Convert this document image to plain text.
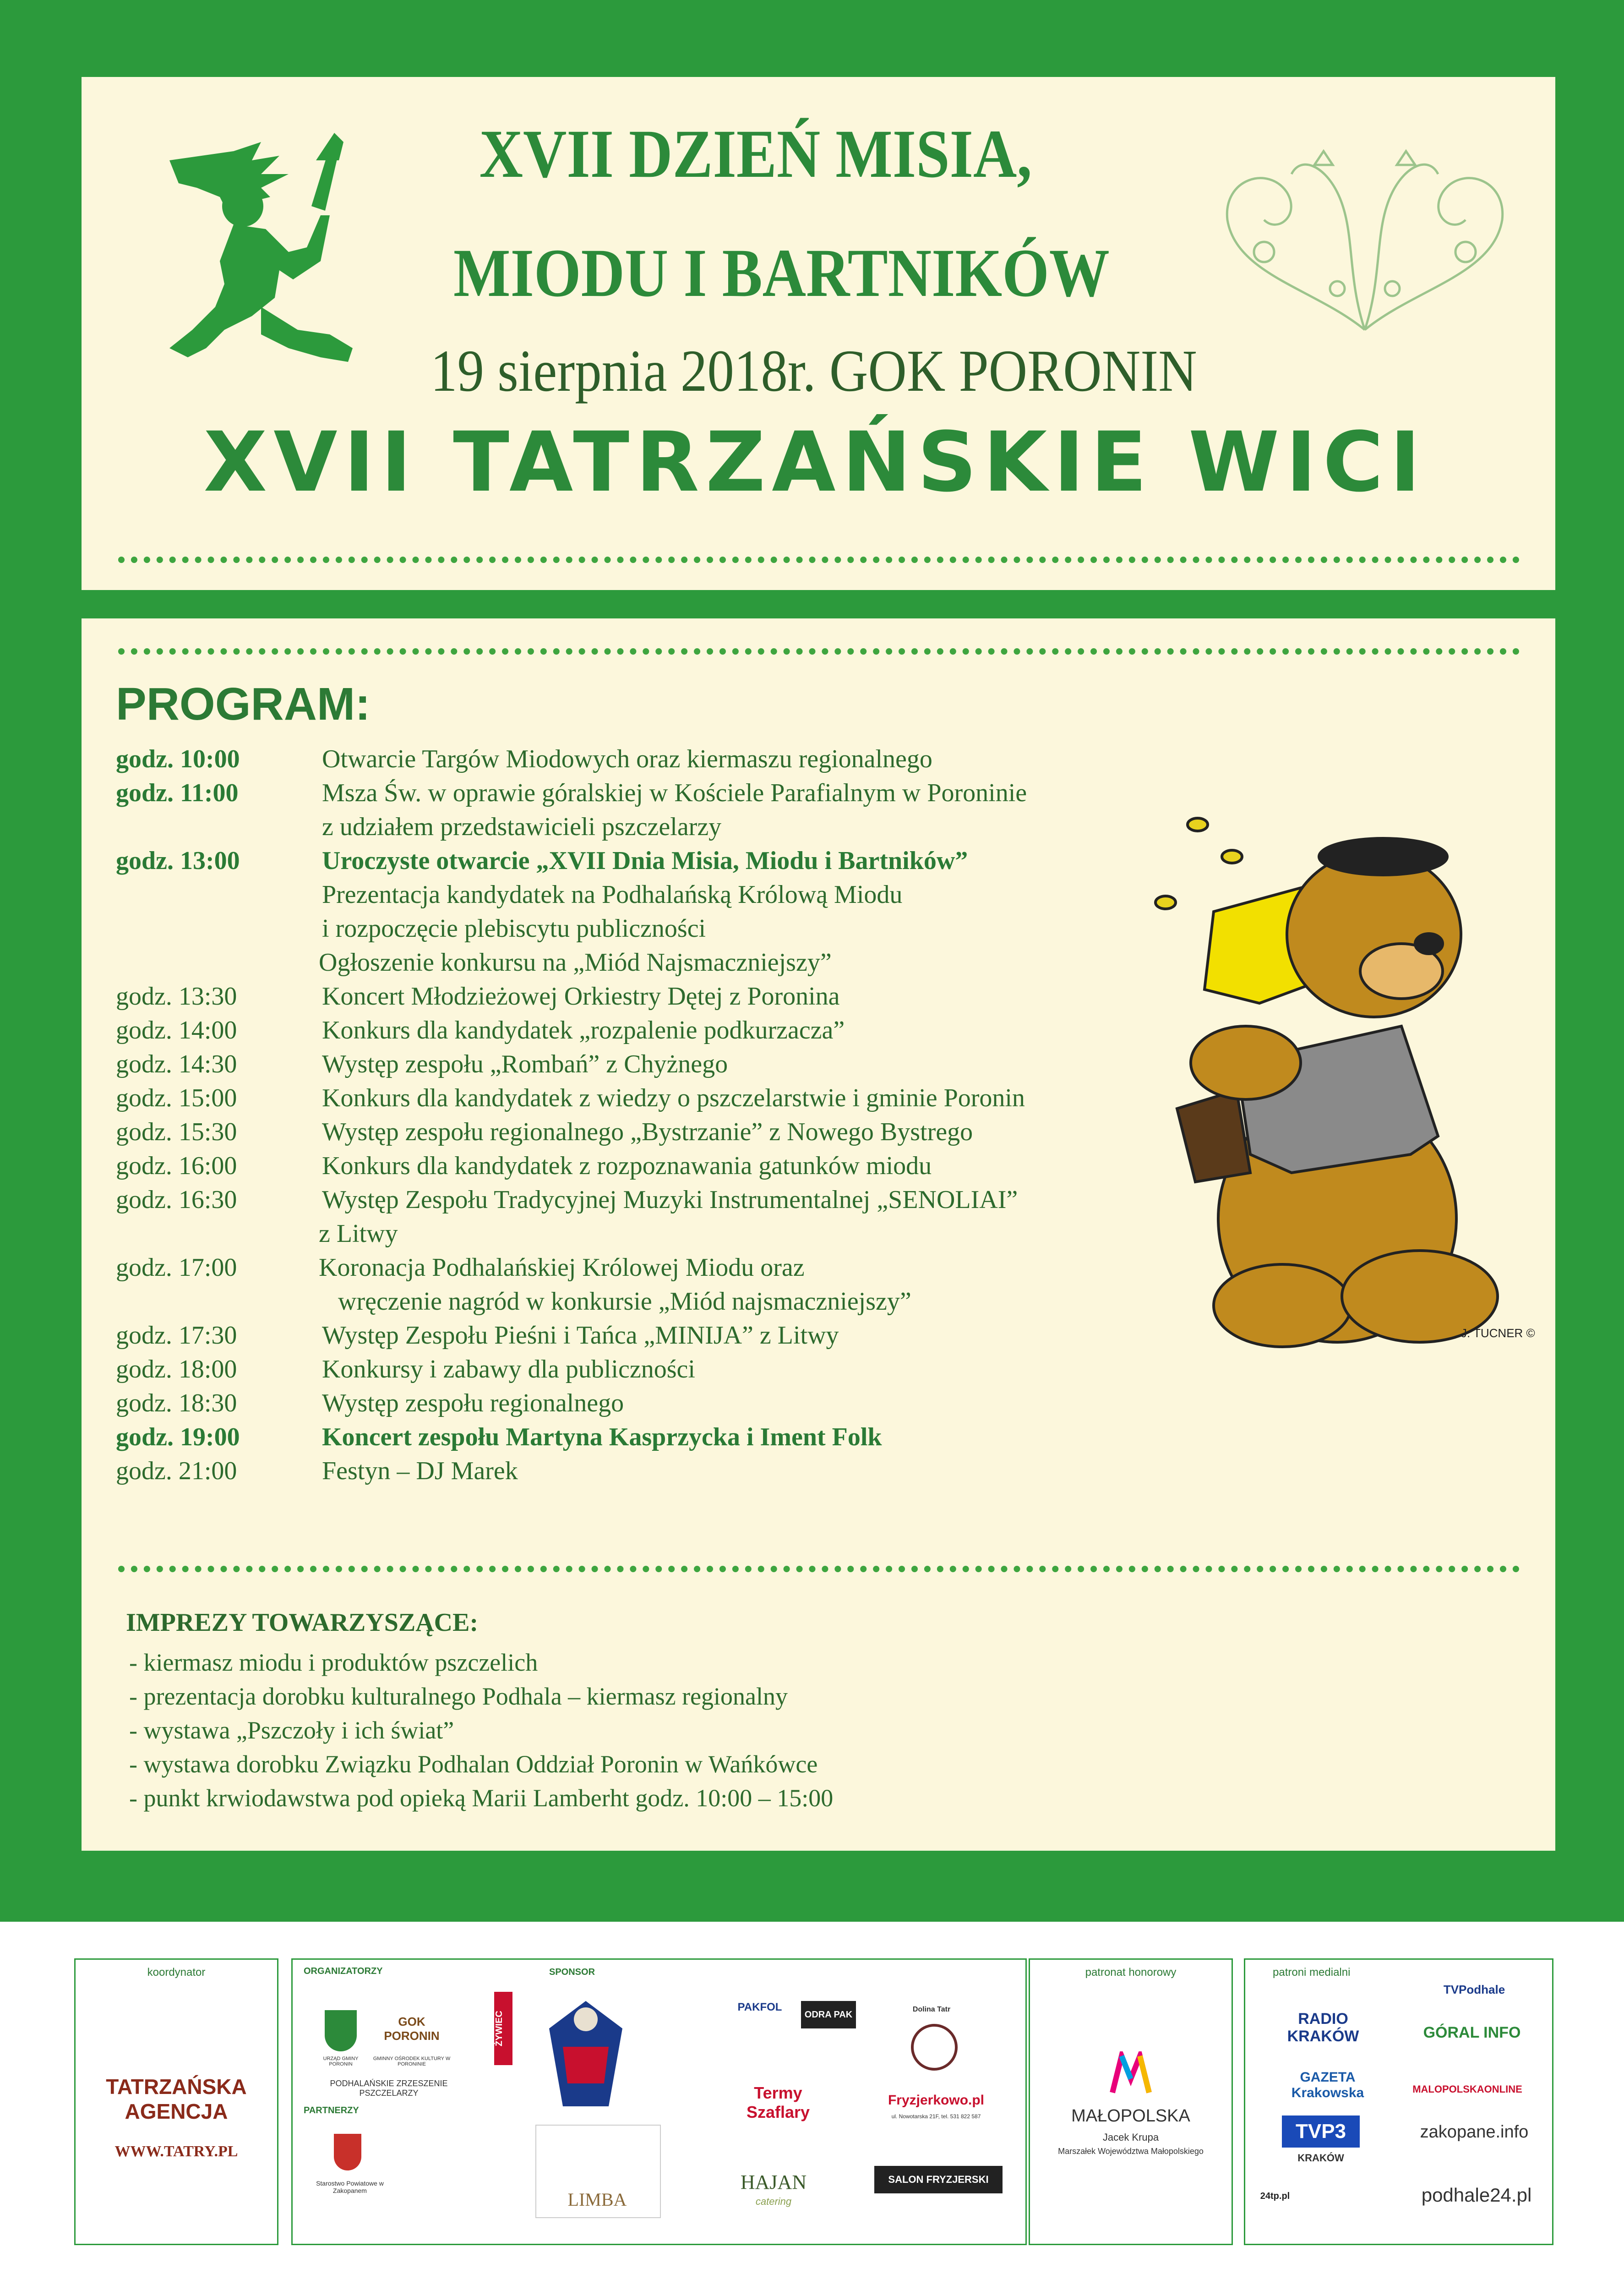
XVII DZIEŃ MISIA,
MIODU I BARTNIKÓW
19 sierpnia 2018r. GOK PORONIN
XVII TATRZAŃSKIE WICI
PROGRAM:
godz. 10:00	Otwarcie Targów Miodowych oraz kiermaszu regionalnego
godz. 11:00	Msza Św. w oprawie góralskiej w Kościele Parafialnym w Poroninie
z udziałem przedstawicieli pszczelarzy
godz. 13:00	Uroczyste otwarcie „XVII Dnia Misia, Miodu i Bartników”
Prezentacja kandydatek na Podhalańską Królową Miodu
i rozpoczęcie plebiscytu publiczności
Ogłoszenie konkursu na „Miód Najsmaczniejszy”
godz. 13:30	Koncert Młodzieżowej Orkiestry Dętej z Poronina
godz. 14:00	Konkurs dla kandydatek „rozpalenie podkurzacza”
godz. 14:30	Występ zespołu „Rombań” z Chyżnego
godz. 15:00	Konkurs dla kandydatek z wiedzy o pszczelarstwie i gminie Poronin
godz. 15:30	Występ zespołu regionalnego „Bystrzanie” z Nowego Bystrego
godz. 16:00	Konkurs dla kandydatek z rozpoznawania gatunków miodu
godz. 16:30	Występ Zespołu Tradycyjnej Muzyki Instrumentalnej „SENOLIAI”
z Litwy
godz. 17:00	Koronacja Podhalańskiej Królowej Miodu oraz
wręczenie nagród w konkursie „Miód najsmaczniejszy”
godz. 17:30	Występ Zespołu Pieśni i Tańca „MINIJA” z Litwy
godz. 18:00	Konkursy i zabawy dla publiczności
godz. 18:30	Występ zespołu regionalnego
godz. 19:00	Koncert zespołu Martyna Kasprzycka i Iment Folk
godz. 21:00	Festyn – DJ Marek
J. TUCNER ©
IMPREZY TOWARZYSZĄCE:
- kiermasz miodu i produktów pszczelich
- prezentacja dorobku kulturalnego Podhala – kiermasz regionalny
- wystawa „Pszczoły i ich świat”
- wystawa dorobku Związku Podhalan Oddział Poronin w Wańkówce
- punkt krwiodawstwa pod opieką Marii Lamberht godz. 10:00 – 15:00
koordynator
TATRZAŃSKA AGENCJA
WWW.TATRY.PL
ORGANIZATORZY	SPONSOR
URZĄD GMINY PORONIN
GOK PORONIN
GMINNY OŚRODEK KULTURY W PORONINIE
PODHALAŃSKIE ZRZESZENIE PSZCZELARZY
PARTNERZY
Starostwo Powiatowe w Zakopanem
ŻYWIEC
LIMBA
PAKFOL
ODRA PAK
Dolina Tatr
Termy Szaflary
Fryzjerkowo.pl
ul. Nowotarska 21F, tel. 531 822 587
HAJAN
catering
SALON FRYZJERSKI
patronat honorowy
MAŁOPOLSKA
Jacek Krupa
Marszałek Województwa Małopolskiego
patroni medialni
TVPodhale
RADIO KRAKÓW	GÓRAL INFO
GAZETA Krakowska	MALOPOLSKAONLINE
TVP3
KRAKÓW
zakopane.info
24tp.pl	podhale24.pl
